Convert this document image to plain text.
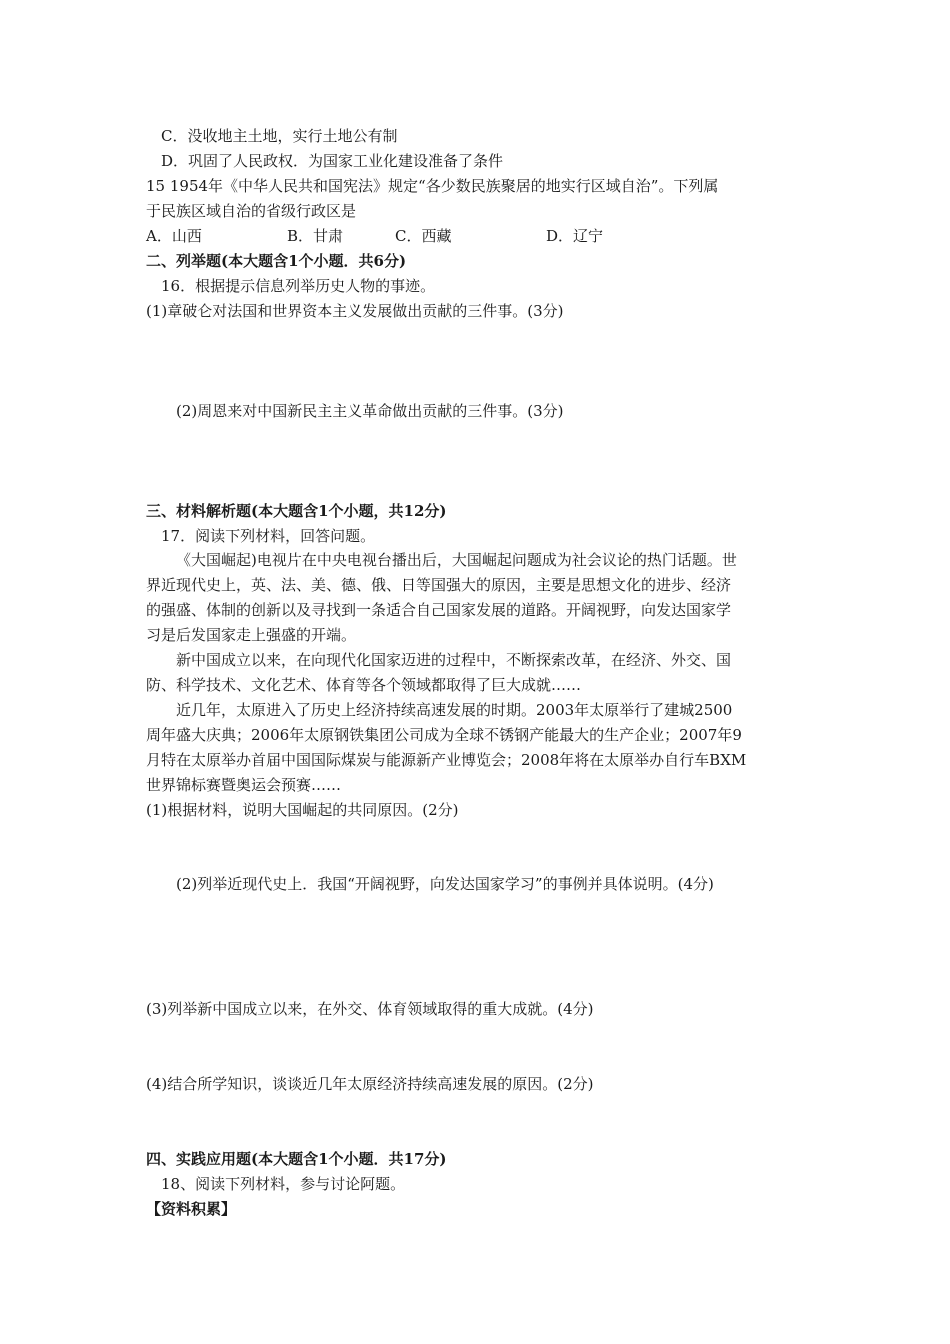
C．没收地主土地，实行土地公有制
D．巩固了人民政权．为国家工业化建设准备了条件
15 1954年《中华人民共和国宪法》规定“各少数民族聚居的地实行区域自治”。下列属
于民族区域自治的省级行政区是
A．山西	B．甘肃	C．西藏	D．辽宁
二、列举题(本大题含1个小题．共6分)
16．根据提示信息列举历史人物的事迹。
(1)章破仑对法国和世界资本主义发展做出贡献的三件事。(3分)
(2)周恩来对中国新民主主义革命做出贡献的三件事。(3分)
三、材料解析题(本大题含1个小题，共12分)
17．阅读下列材料，回答问题。
《大国崛起)电视片在中央电视台播出后，大国崛起问题成为社会议论的热门话题。世
界近现代史上，英、法、美、德、俄、日等国强大的原因，主要是思想文化的进步、经济
的强盛、体制的创新以及寻找到一条适合自己国家发展的道路。开阔视野，向发达国家学
习是后发国家走上强盛的开端。
新中国成立以来，在向现代化国家迈进的过程中，不断探索改革，在经济、外交、国
防、科学技术、文化艺术、体育等各个领域都取得了巨大成就……
近几年，太原进入了历史上经济持续高速发展的时期。2003年太原举行了建城2500
周年盛大庆典；2006年太原钢铁集团公司成为全球不锈钢产能最大的生产企业；2007年9
月特在太原举办首届中国国际煤炭与能源新产业博览会；2008年将在太原举办自行车BXM
世界锦标赛暨奥运会预赛……
(1)根据材料，说明大国崛起的共同原因。(2分)
(2)列举近现代史上．我国“开阔视野，向发达国家学习”的事例并具体说明。(4分)
(3)列举新中国成立以来，在外交、体育领域取得的重大成就。(4分)
(4)结合所学知识，谈谈近几年太原经济持续高速发展的原因。(2分)
四、实践应用题(本大题含1个小题．共17分)
18、阅读下列材料，参与讨论阿题。
【资料积累】
